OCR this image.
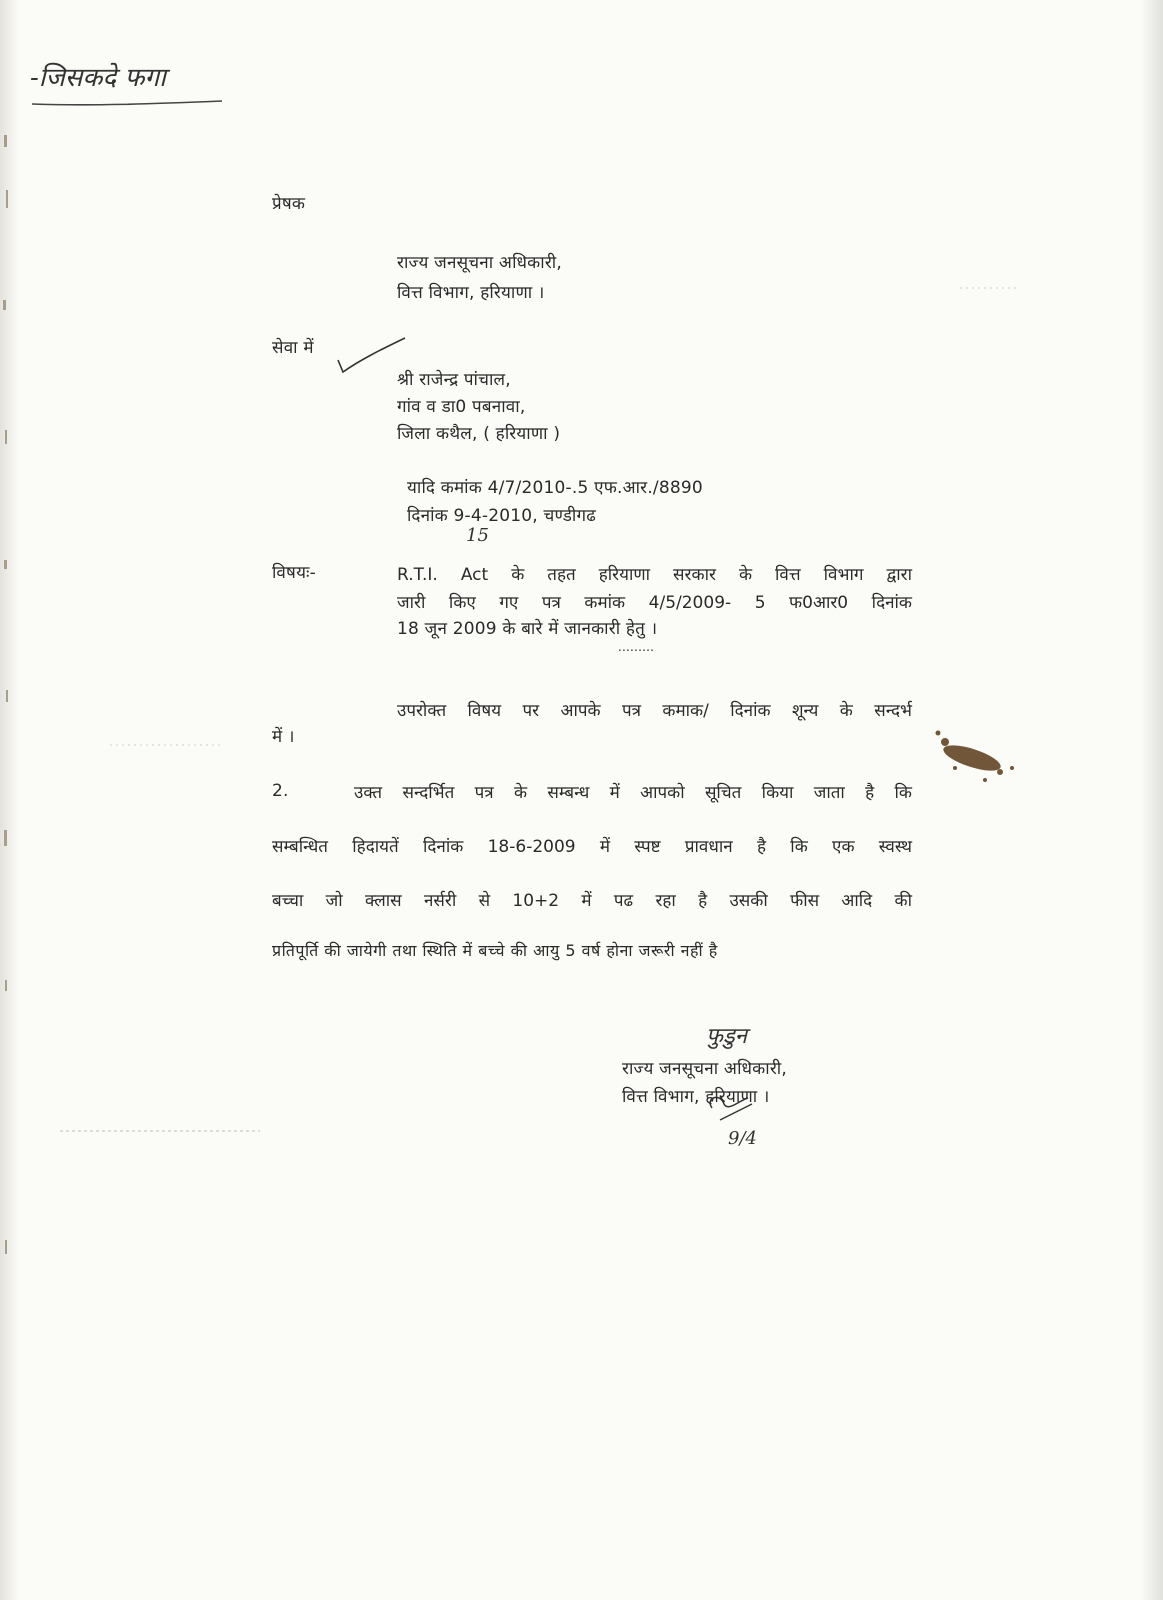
-जिसकदे फगा
प्रेषक
राज्य जनसूचना अधिकारी,
वित्त विभाग, हरियाणा ।
सेवा में
श्री राजेन्द्र पांचाल,
गांव व डा0 पबनावा,
जिला कथैल, ( हरियाणा )
यादि कमांक 4/7/2010-.5 एफ.आर./8890
दिनांक 9-4-2010, चण्डीगढ
15
विषयः-	R.T.I. Act के तहत हरियाणा सरकार के वित्त विभाग द्वारा
जारी किए गए पत्र कमांक 4/5/2009- 5 फ0आर0 दिनांक
18 जून 2009 के बारे में जानकारी हेतु ।
.........
उपरोक्त विषय पर आपके पत्र कमाक/ दिनांक शून्य के सन्दर्भ
में ।
2.	उक्त सन्दर्भित पत्र के सम्बन्ध में आपको सूचित किया जाता है कि
सम्बन्धित हिदायतें दिनांक 18-6-2009 में स्पष्ट प्रावधान है कि एक स्वस्थ
बच्चा जो क्लास नर्सरी से 10+2 में पढ रहा है उसकी फीस आदि की
प्रतिपूर्ति की जायेगी तथा स्थिति में बच्चे की आयु 5 वर्ष होना जरूरी नहीं है
फुडुन
राज्य जनसूचना अधिकारी,
वित्त विभाग, हरियाणा ।
9/4
